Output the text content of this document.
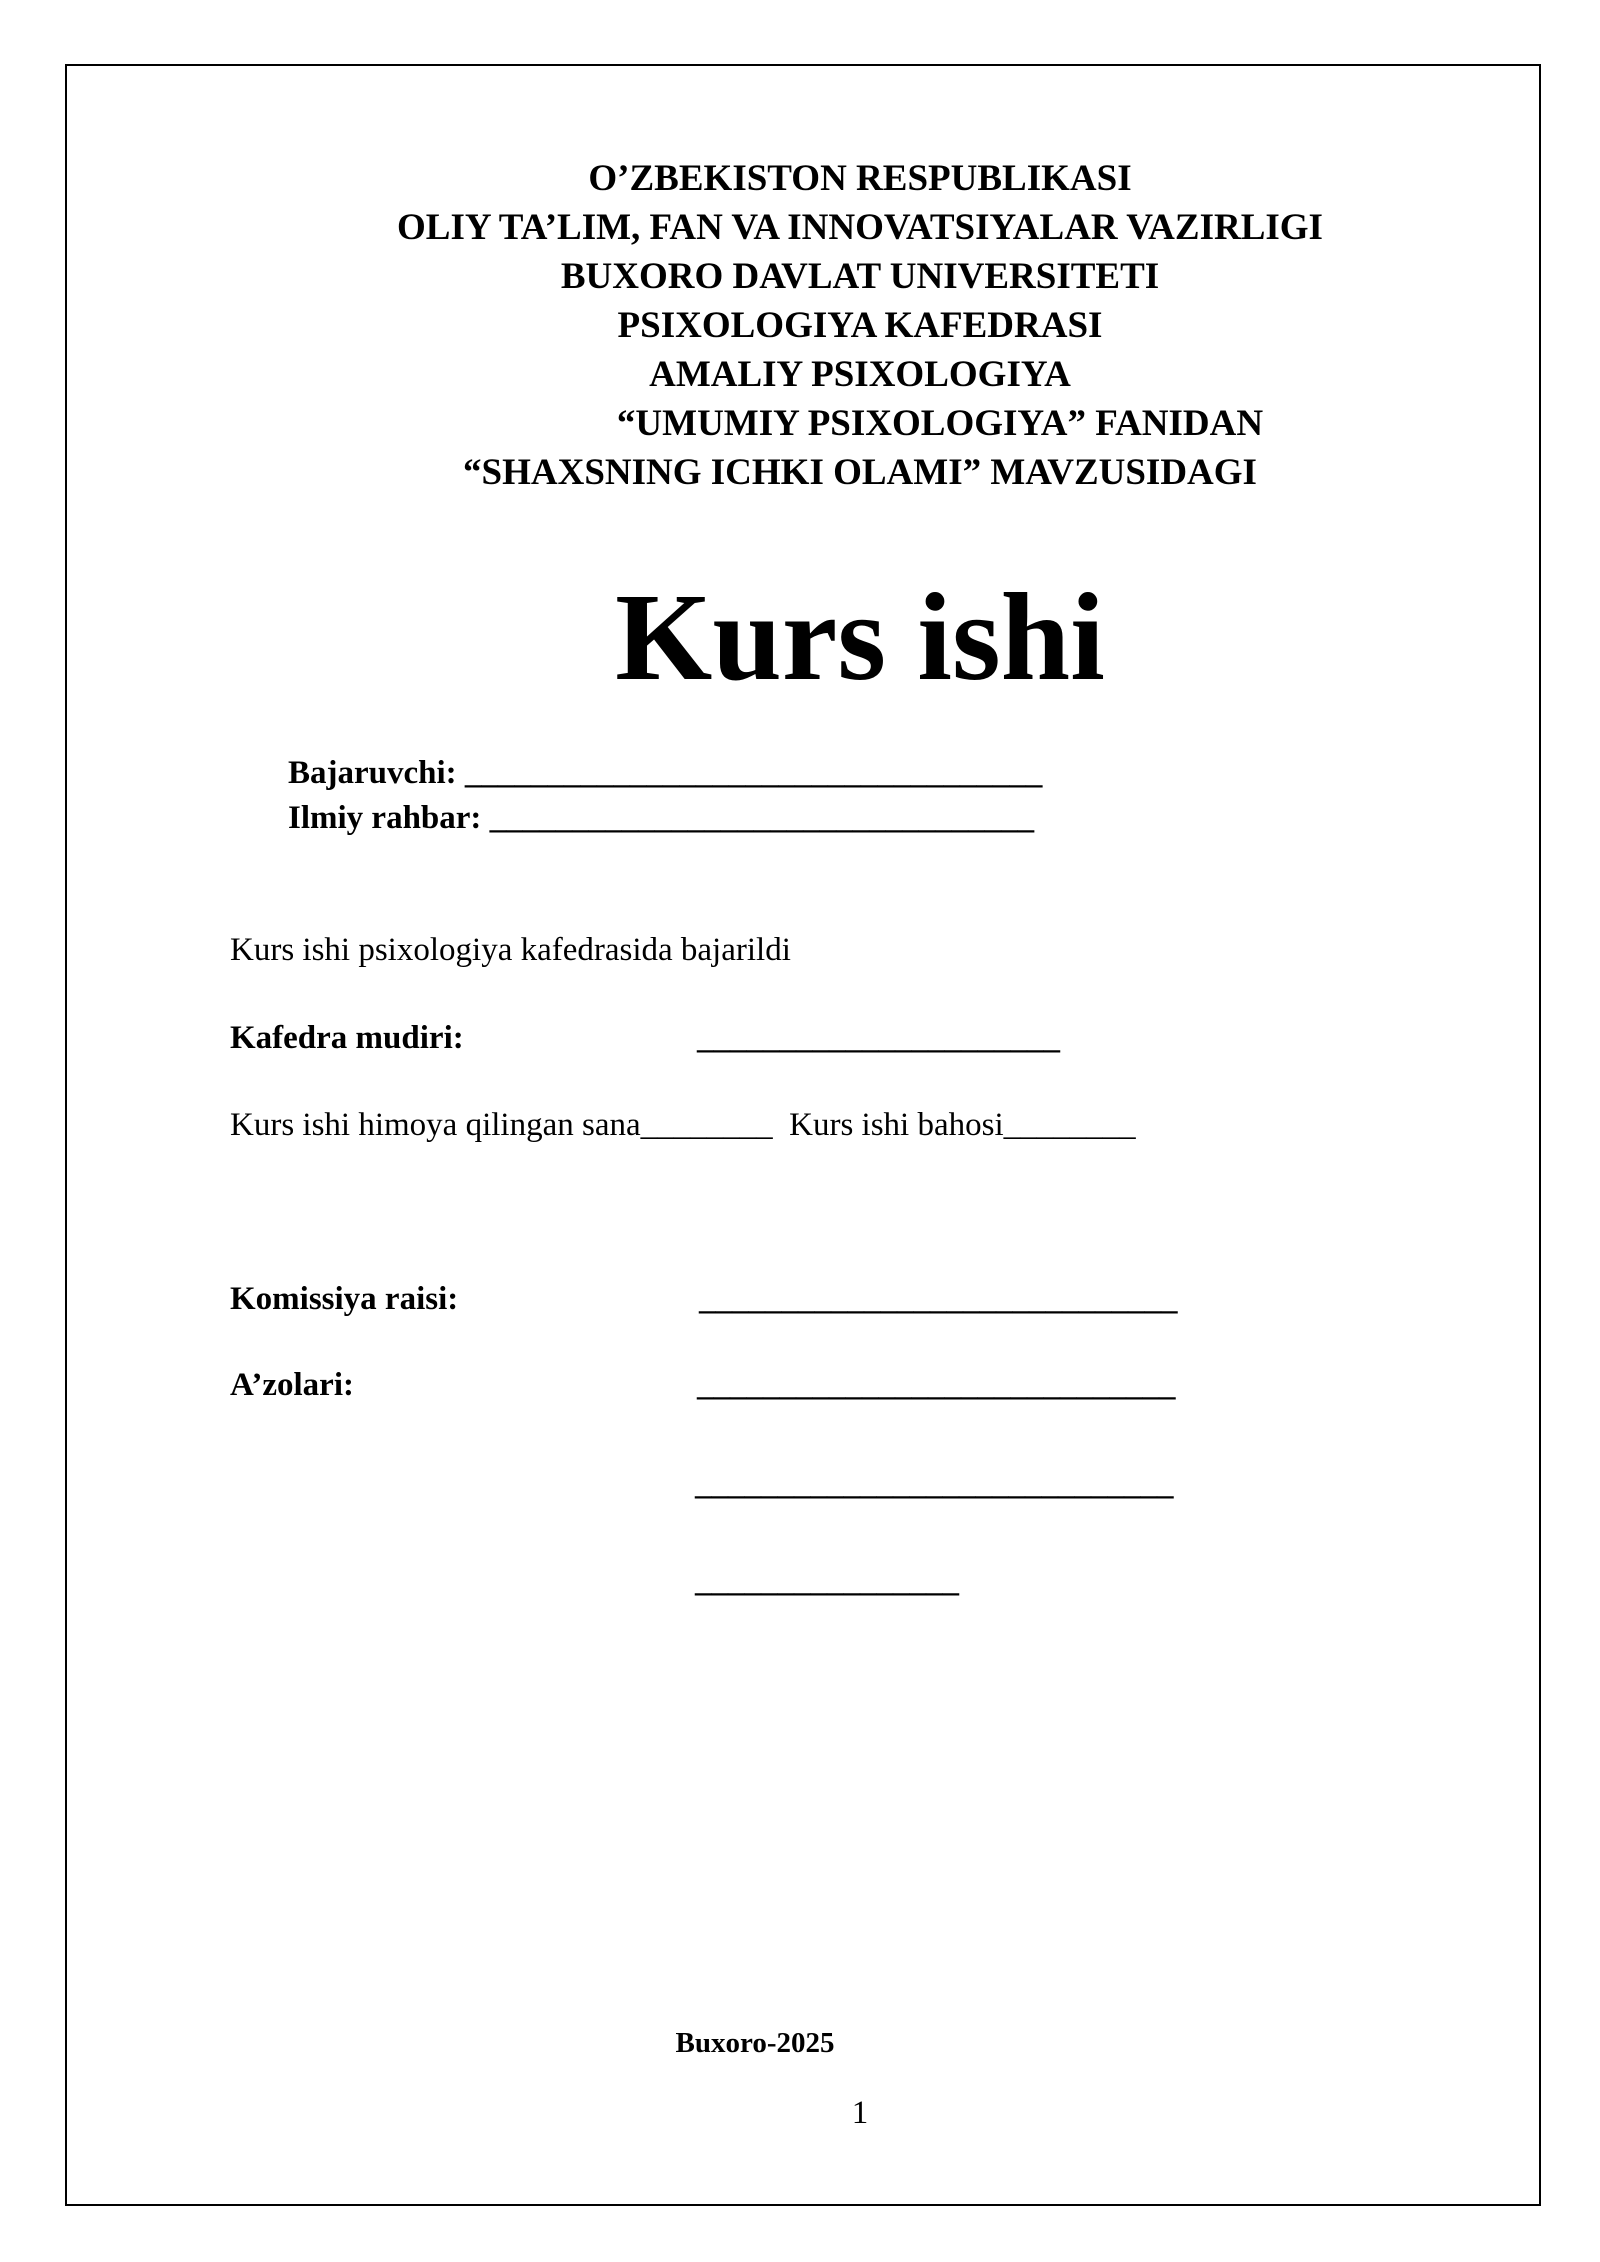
O’ZBEKISTON RESPUBLIKASI
OLIY TA’LIM, FAN VA INNOVATSIYALAR VAZIRLIGI
BUXORO DAVLAT UNIVERSITETI
PSIXOLOGIYA KAFEDRASI
AMALIY PSIXOLOGIYA
“UMUMIY PSIXOLOGIYA” FANIDAN
“SHAXSNING ICHKI OLAMI” MAVZUSIDAGI
Kurs ishi
Bajaruvchi: ___________________________________
Ilmiy rahbar: _________________________________
Kurs ishi psixologiya kafedrasida bajarildi
Kafedra mudiri:	______________________
Kurs ishi himoya qilingan sana________ Kurs ishi bahosi________
Komissiya raisi:	_____________________________
A’zolari:	_____________________________
_____________________________
________________
Buxoro-2025
1
